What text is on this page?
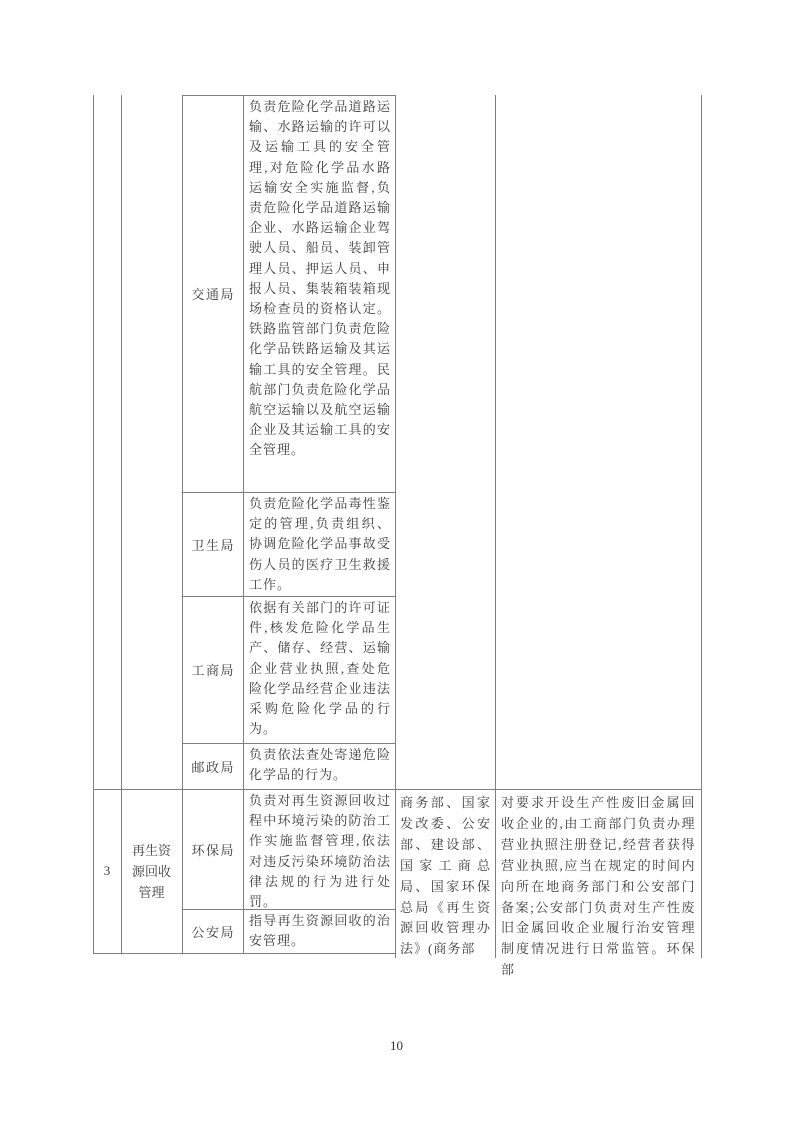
交通局
卫生局
工商局
邮政局
负责危险化学品道路运输、水路运输的许可以及运输工具的安全管理,对危险化学品水路运输安全实施监督,负责危险化学品道路运输企业、水路运输企业驾驶人员、船员、装卸管理人员、押运人员、申报人员、集装箱装箱现场检查员的资格认定。铁路监管部门负责危险化学品铁路运输及其运输工具的安全管理。民航部门负责危险化学品航空运输以及航空运输企业及其运输工具的安全管理。
负责危险化学品毒性鉴定的管理,负责组织、协调危险化学品事故受伤人员的医疗卫生救援工作。
依据有关部门的许可证件,核发危险化学品生产、储存、经营、运输企业营业执照,查处危险化学品经营企业违法采购危险化学品的行为。
负责依法查处寄递危险化学品的行为。
3
再生资源回收管理
环保局
负责对再生资源回收过程中环境污染的防治工作实施监督管理,依法对违反污染环境防治法律法规的行为进行处罚。
公安局
指导再生资源回收的治安管理。
商务部、国家发改委、公安部、建设部、国家工商总局、国家环保总局《再生资源回收管理办法》(商务部
对要求开设生产性废旧金属回收企业的,由工商部门负责办理营业执照注册登记,经营者获得营业执照,应当在规定的时间内向所在地商务部门和公安部门备案;公安部门负责对生产性废旧金属回收企业履行治安管理制度情况进行日常监管。环保部
10
